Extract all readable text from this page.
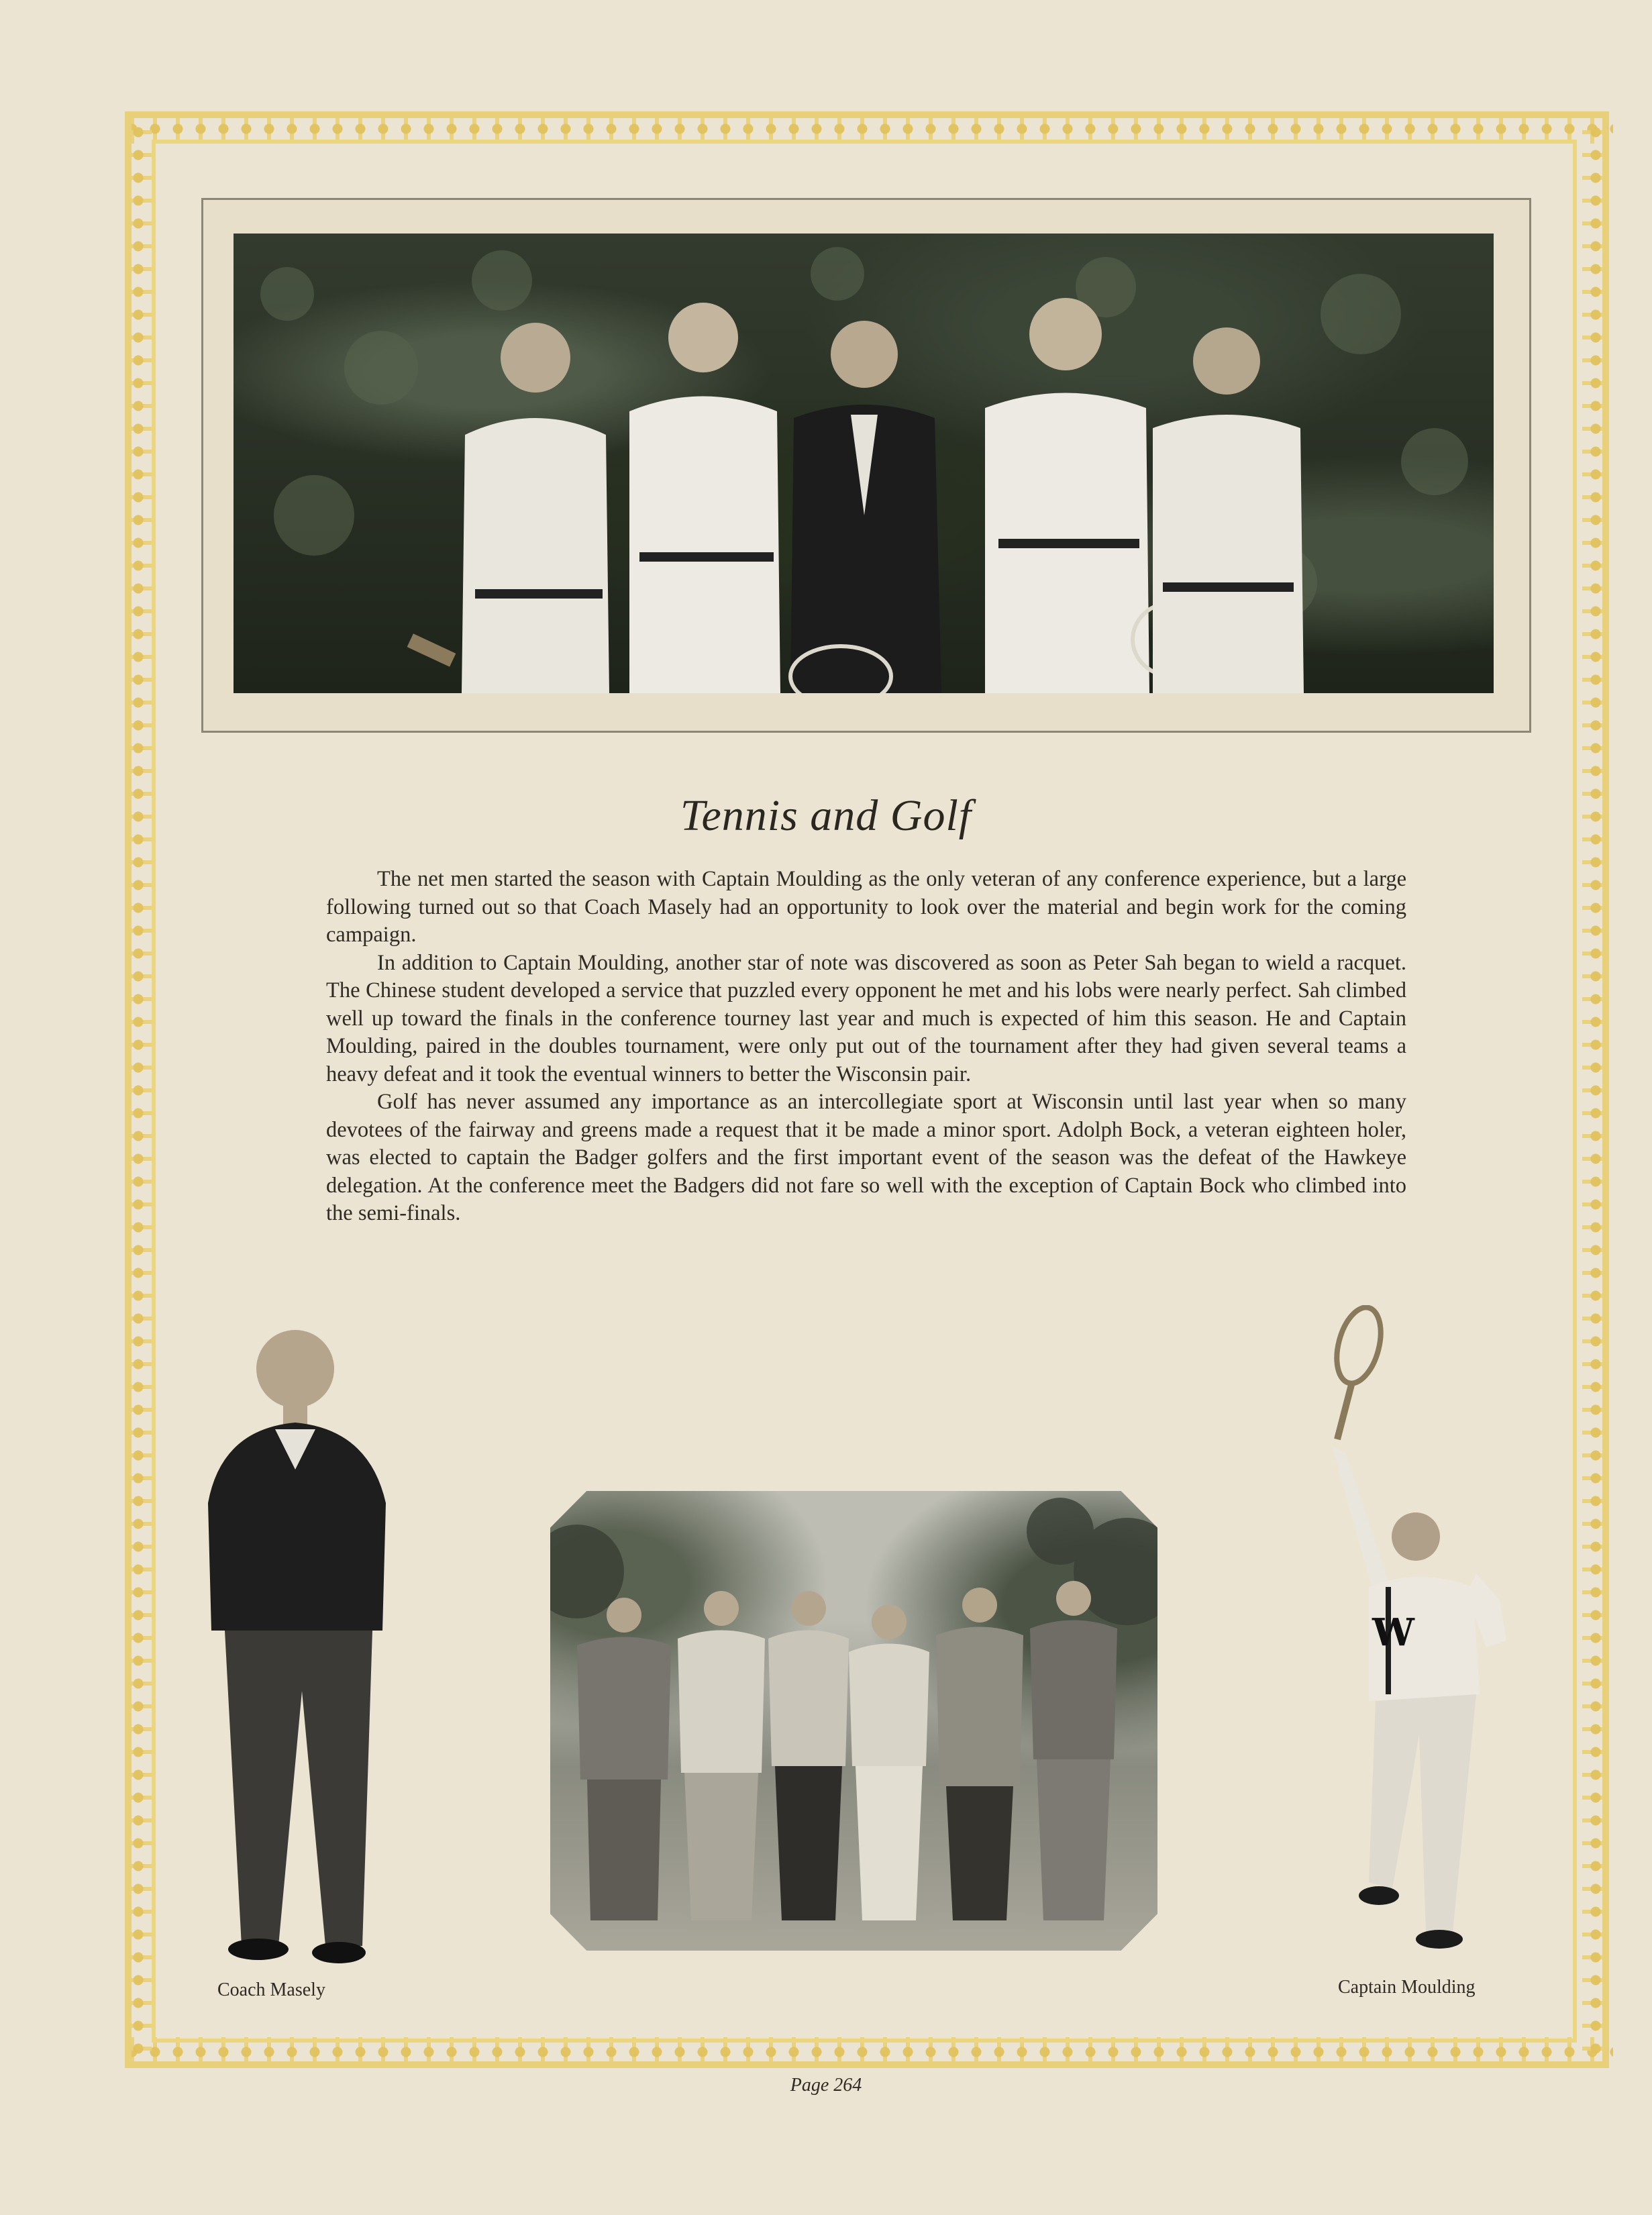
Tennis and Golf

The net men started the season with Captain Moulding as the only veteran of any conference experience, but a large following turned out so that Coach Masely had an opportunity to look over the material and begin work for the coming campaign.

In addition to Captain Moulding, another star of note was discovered as soon as Peter Sah began to wield a racquet. The Chinese student developed a service that puzzled every opponent he met and his lobs were nearly perfect. Sah climbed well up toward the finals in the conference tourney last year and much is expected of him this season. He and Captain Moulding, paired in the doubles tournament, were only put out of the tournament after they had given several teams a heavy defeat and it took the eventual winners to better the Wisconsin pair.

Golf has never assumed any importance as an intercollegiate sport at Wisconsin until last year when so many devotees of the fairway and greens made a request that it be made a minor sport. Adolph Bock, a veteran eighteen holer, was elected to captain the Badger golfers and the first important event of the season was the defeat of the Hawkeye delegation. At the conference meet the Badgers did not fare so well with the exception of Captain Bock who climbed into the semi-finals.

Coach Masely
W
Captain Moulding
Page 264
